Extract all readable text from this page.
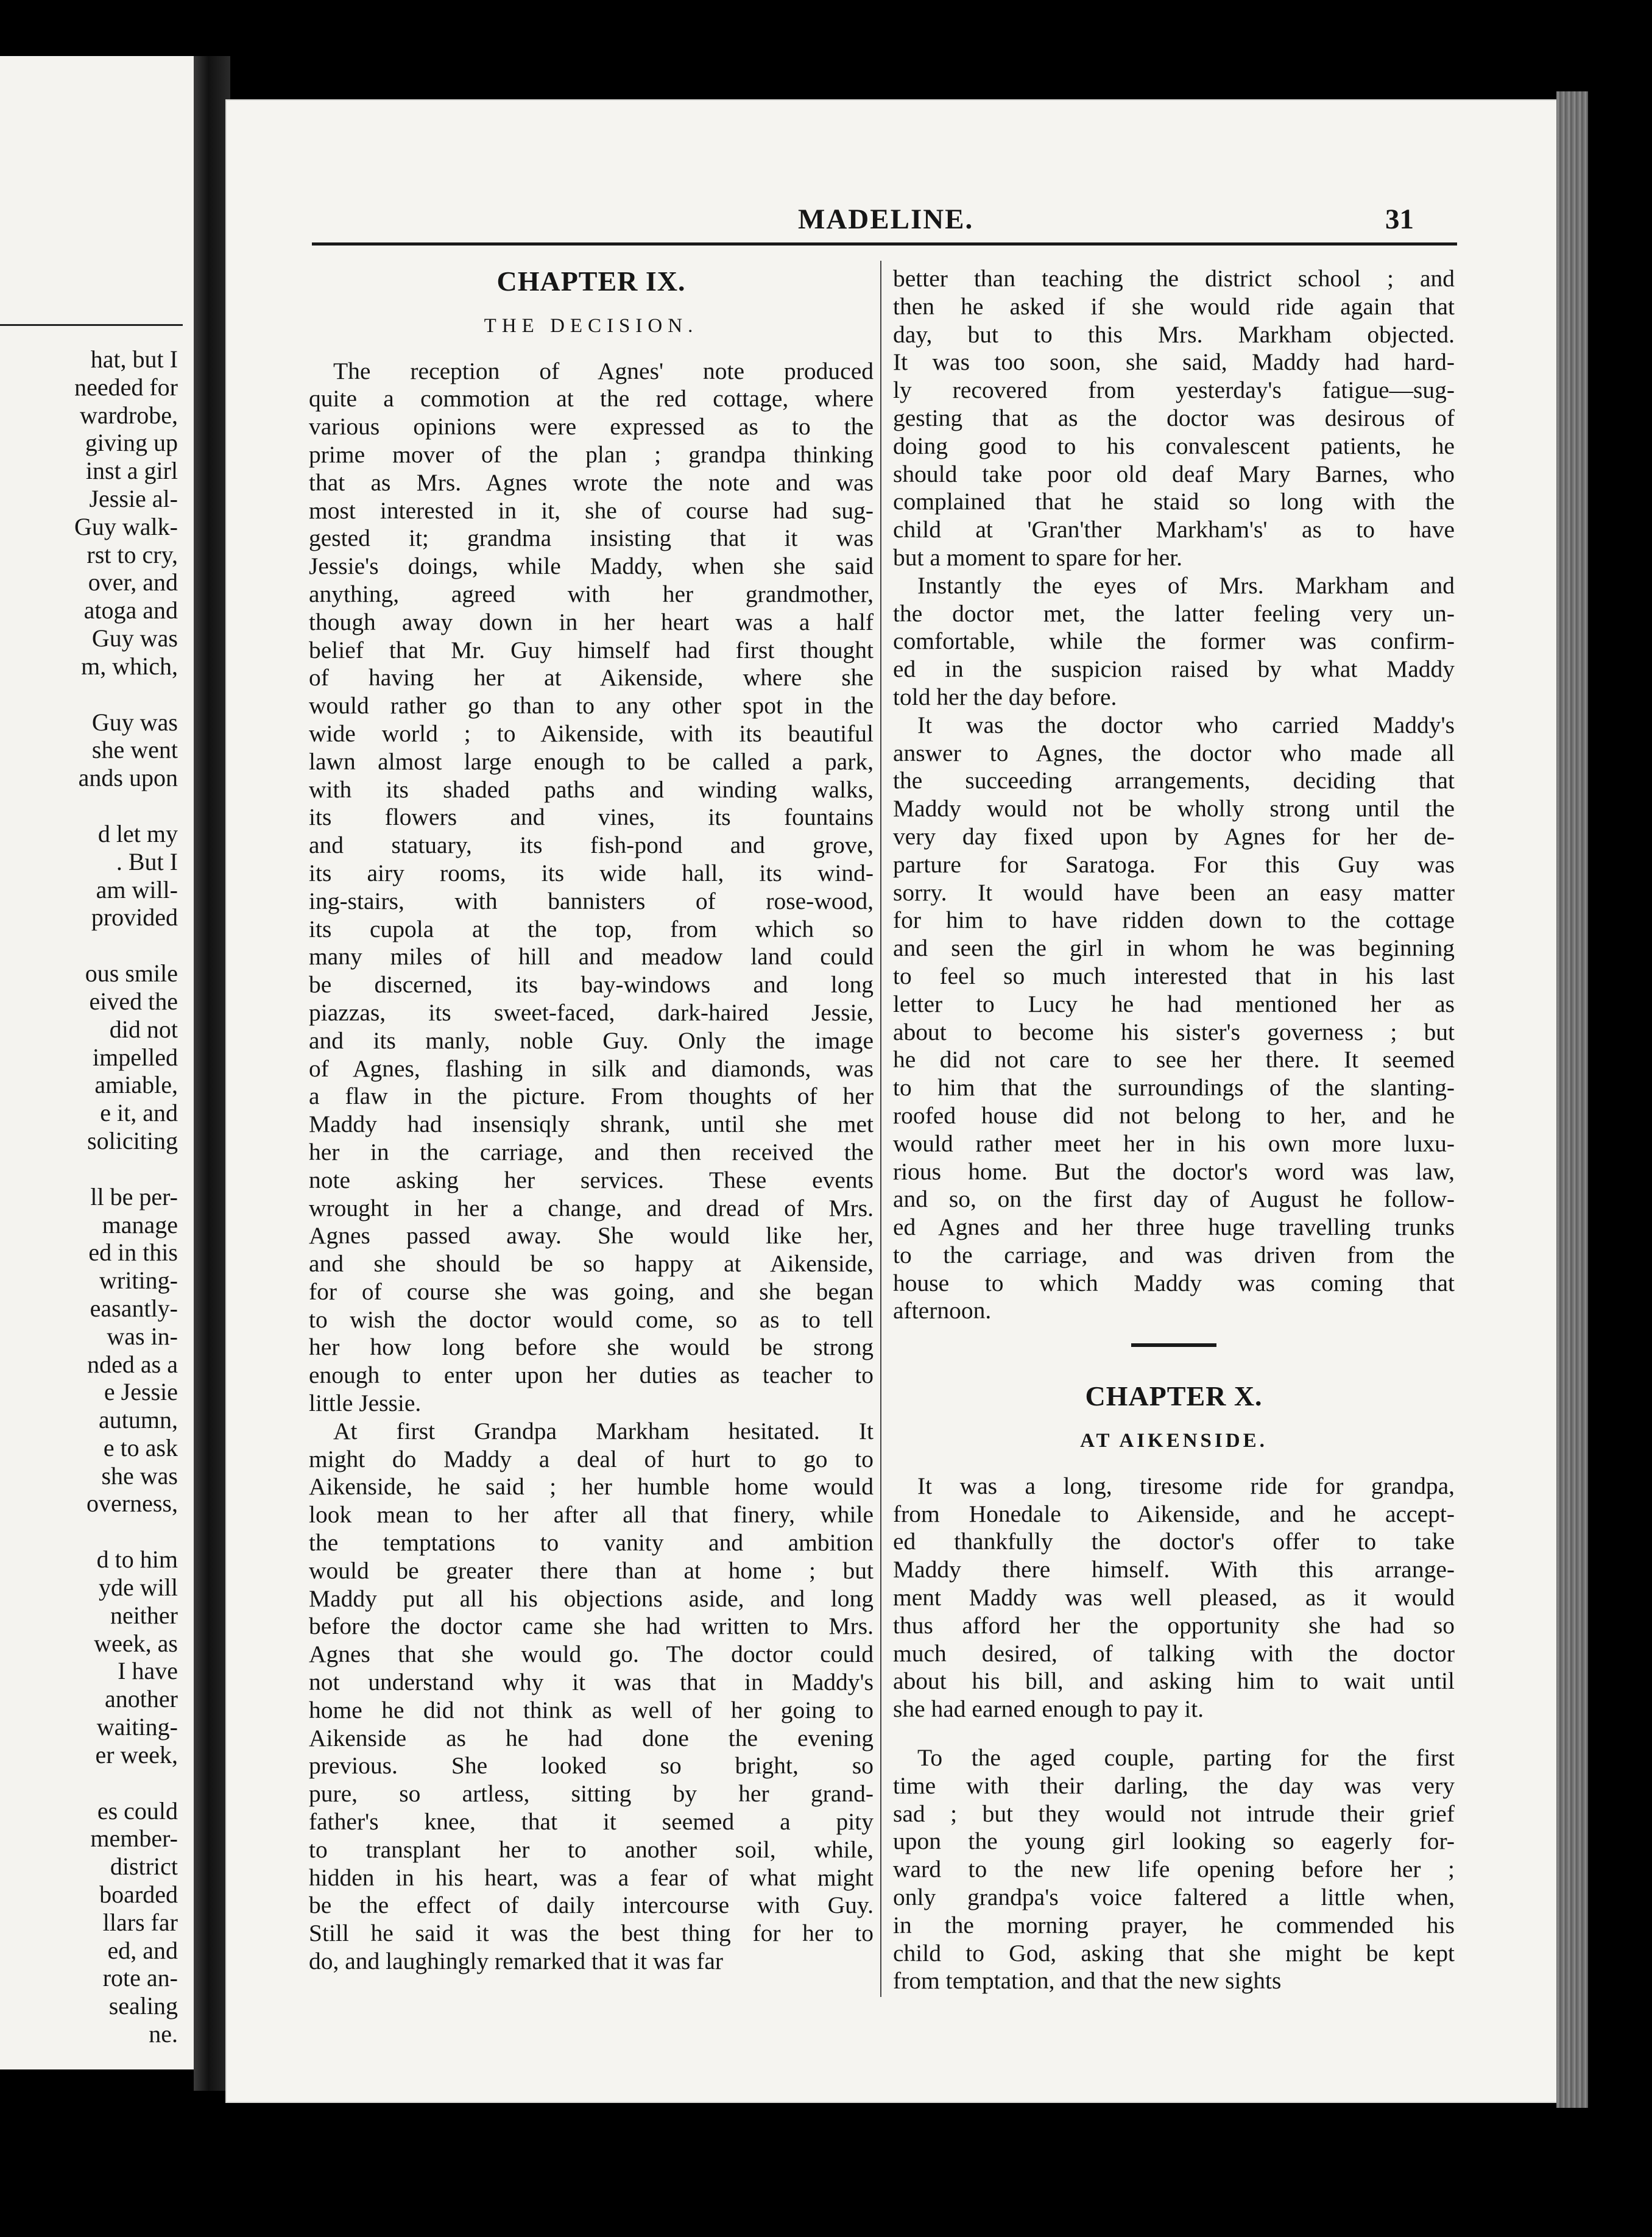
hat, but I
needed for
wardrobe,
giving up
inst a girl
Jessie al-
Guy walk-
rst to cry,
over, and
atoga and
Guy was
m, which,
Guy was
she went
ands upon
d let my
. But I
am will-
provided
ous smile
eived the
did not
impelled
amiable,
e it, and
soliciting
ll be per-
manage
ed in this
writing-
easantly-
was in-
nded as a
e Jessie
autumn,
e to ask
she was
overness,
d to him
yde will
neither
week, as
I have
another
waiting-
er week,
es could
member-
district
boarded
llars far
ed, and
rote an-
sealing
ne.
MADELINE.	31
CHAPTER IX.
THE DECISION.
The reception of Agnes' note produced
quite a commotion at the red cottage, where
various opinions were expressed as to the
prime mover of the plan ; grandpa thinking
that as Mrs. Agnes wrote the note and was
most interested in it, she of course had sug-
gested it; grandma insisting that it was
Jessie's doings, while Maddy, when she said
anything, agreed with her grandmother,
though away down in her heart was a half
belief that Mr. Guy himself had first thought
of having her at Aikenside, where she
would rather go than to any other spot in the
wide world ; to Aikenside, with its beautiful
lawn almost large enough to be called a park,
with its shaded paths and winding walks,
its flowers and vines, its fountains
and statuary, its fish-pond and grove,
its airy rooms, its wide hall, its wind-
ing-stairs, with bannisters of rose-wood,
its cupola at the top, from which so
many miles of hill and meadow land could
be discerned, its bay-windows and long
piazzas, its sweet-faced, dark-haired Jessie,
and its manly, noble Guy. Only the image
of Agnes, flashing in silk and diamonds, was
a flaw in the picture. From thoughts of her
Maddy had insensiqly shrank, until she met
her in the carriage, and then received the
note asking her services. These events
wrought in her a change, and dread of Mrs.
Agnes passed away. She would like her,
and she should be so happy at Aikenside,
for of course she was going, and she began
to wish the doctor would come, so as to tell
her how long before she would be strong
enough to enter upon her duties as teacher to
little Jessie.
At first Grandpa Markham hesitated. It
might do Maddy a deal of hurt to go to
Aikenside, he said ; her humble home would
look mean to her after all that finery, while
the temptations to vanity and ambition
would be greater there than at home ; but
Maddy put all his objections aside, and long
before the doctor came she had written to Mrs.
Agnes that she would go. The doctor could
not understand why it was that in Maddy's
home he did not think as well of her going to
Aikenside as he had done the evening
previous. She looked so bright, so
pure, so artless, sitting by her grand-
father's knee, that it seemed a pity
to transplant her to another soil, while,
hidden in his heart, was a fear of what might
be the effect of daily intercourse with Guy.
Still he said it was the best thing for her to
do, and laughingly remarked that it was far
better than teaching the district school ; and
then he asked if she would ride again that
day, but to this Mrs. Markham objected.
It was too soon, she said, Maddy had hard-
ly recovered from yesterday's fatigue—sug-
gesting that as the doctor was desirous of
doing good to his convalescent patients, he
should take poor old deaf Mary Barnes, who
complained that he staid so long with the
child at 'Gran'ther Markham's' as to have
but a moment to spare for her.
Instantly the eyes of Mrs. Markham and
the doctor met, the latter feeling very un-
comfortable, while the former was confirm-
ed in the suspicion raised by what Maddy
told her the day before.
It was the doctor who carried Maddy's
answer to Agnes, the doctor who made all
the succeeding arrangements, deciding that
Maddy would not be wholly strong until the
very day fixed upon by Agnes for her de-
parture for Saratoga. For this Guy was
sorry. It would have been an easy matter
for him to have ridden down to the cottage
and seen the girl in whom he was beginning
to feel so much interested that in his last
letter to Lucy he had mentioned her as
about to become his sister's governess ; but
he did not care to see her there. It seemed
to him that the surroundings of the slanting-
roofed house did not belong to her, and he
would rather meet her in his own more luxu-
rious home. But the doctor's word was law,
and so, on the first day of August he follow-
ed Agnes and her three huge travelling trunks
to the carriage, and was driven from the
house to which Maddy was coming that
afternoon.
CHAPTER X.
AT AIKENSIDE.
It was a long, tiresome ride for grandpa,
from Honedale to Aikenside, and he accept-
ed thankfully the doctor's offer to take
Maddy there himself. With this arrange-
ment Maddy was well pleased, as it would
thus afford her the opportunity she had so
much desired, of talking with the doctor
about his bill, and asking him to wait until
she had earned enough to pay it.
To the aged couple, parting for the first
time with their darling, the day was very
sad ; but they would not intrude their grief
upon the young girl looking so eagerly for-
ward to the new life opening before her ;
only grandpa's voice faltered a little when,
in the morning prayer, he commended his
child to God, asking that she might be kept
from temptation, and that the new sights
